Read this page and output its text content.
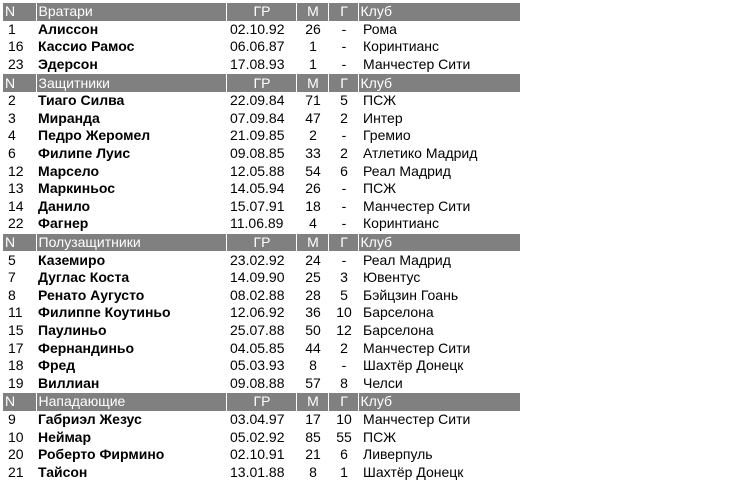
N	Вратари	ГР	М	Г	Клуб
1	Алиссон	02.10.92	26	-	Рома
16	Кассио Рамос	06.06.87	1	-	Коринтианс
23	Эдерсон	17.08.93	1	-	Манчестер Сити
N	Защитники	ГР	М	Г	Клуб
2	Тиаго Силва	22.09.84	71	5	ПСЖ
3	Миранда	07.09.84	47	2	Интер
4	Педро Жеромел	21.09.85	2	-	Гремио
6	Филипе Луис	09.08.85	33	2	Атлетико Мадрид
12	Марсело	12.05.88	54	6	Реал Мадрид
13	Маркиньос	14.05.94	26	-	ПСЖ
14	Данило	15.07.91	18	-	Манчестер Сити
22	Фагнер	11.06.89	4	-	Коринтианс
N	Полузащитники	ГР	М	Г	Клуб
5	Каземиро	23.02.92	24	-	Реал Мадрид
7	Дуглас Коста	14.09.90	25	3	Ювентус
8	Ренато Аугусто	08.02.88	28	5	Бэйцзин Гоань
11	Филиппе Коутиньо	12.06.92	36	10	Барселона
15	Паулиньо	25.07.88	50	12	Барселона
17	Фернандиньо	04.05.85	44	2	Манчестер Сити
18	Фред	05.03.93	8	-	Шахтёр Донецк
19	Виллиан	09.08.88	57	8	Челси
N	Нападающие	ГР	М	Г	Клуб
9	Габриэл Жезус	03.04.97	17	10	Манчестер Сити
10	Неймар	05.02.92	85	55	ПСЖ
20	Роберто Фирмино	02.10.91	21	6	Ливерпуль
21	Тайсон	13.01.88	8	1	Шахтёр Донецк
